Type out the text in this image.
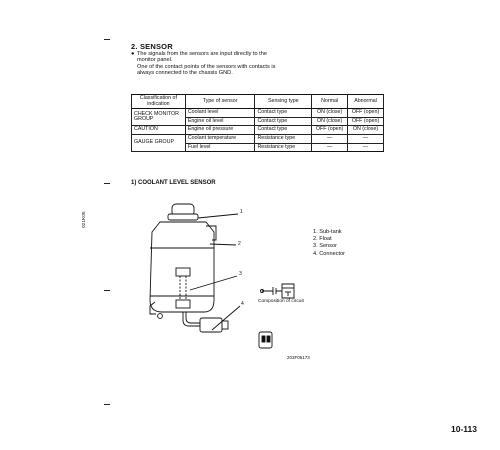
2. SENSOR
● The signals from the sensors are input directly to the monitor panel.
One of the contact points of the sensors with contacts is always connected to the chassis GND.
Classification of indication	Type of sensor	Sensing type	Normal	Abnormal
CHECK MONITOR GROUP	Coolant level	Contact type	ON (close)	OFF (open)
	Engine oil level	Contact type	ON (close)	OFF (open)
CAUTION	Engine oil pressure	Contact type	OFF (open)	ON (close)
GAUGE GROUP	Coolant temperature	Resistance type	—	—
	Fuel level	Resistance type	—	—
1) COOLANT LEVEL SENSOR
021K05	1
2
3
4
1. Sub-tank
2. Float
3. Sensor
4. Connector
Composition of circuit
203F05173
10-113
